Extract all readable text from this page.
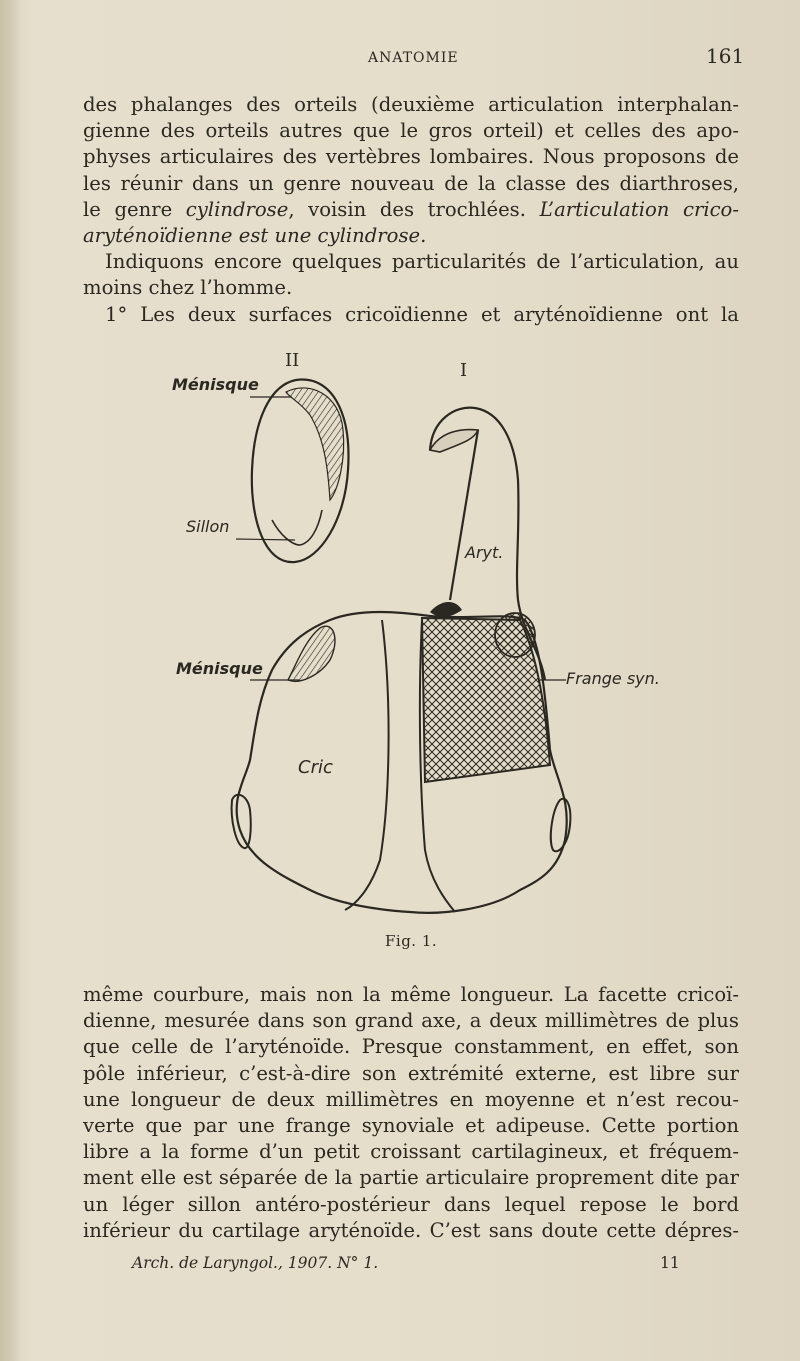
ANATOMIE	161

des phalanges des orteils (deuxième articulation interphalan-
gienne des orteils autres que le gros orteil) et celles des apo-
physes articulaires des vertèbres lombaires. Nous proposons de
les réunir dans un genre nouveau de la classe des diarthroses,
le genre cylindrose, voisin des trochlées. L’articulation crico-
aryténoïdienne est une cylindrose.

Indiquons encore quelques particularités de l’articulation, au
moins chez l’homme.

1° Les deux surfaces cricoïdienne et aryténoïdienne ont la

II	I
Ménisque
Sillon
Aryt.
Ménisque
Frange syn.
Cric
Fig. 1.

même courbure, mais non la même longueur. La facette cricoï-
dienne, mesurée dans son grand axe, a deux millimètres de plus
que celle de l’aryténoïde. Presque constamment, en effet, son
pôle inférieur, c’est-à-dire son extrémité externe, est libre sur
une longueur de deux millimètres en moyenne et n’est recou-
verte que par une frange synoviale et adipeuse. Cette portion
libre a la forme d’un petit croissant cartilagineux, et fréquem-
ment elle est séparée de la partie articulaire proprement dite par
un léger sillon antéro-postérieur dans lequel repose le bord
inférieur du cartilage aryténoïde. C’est sans doute cette dépres-

Arch. de Laryngol., 1907. N° 1.	11
